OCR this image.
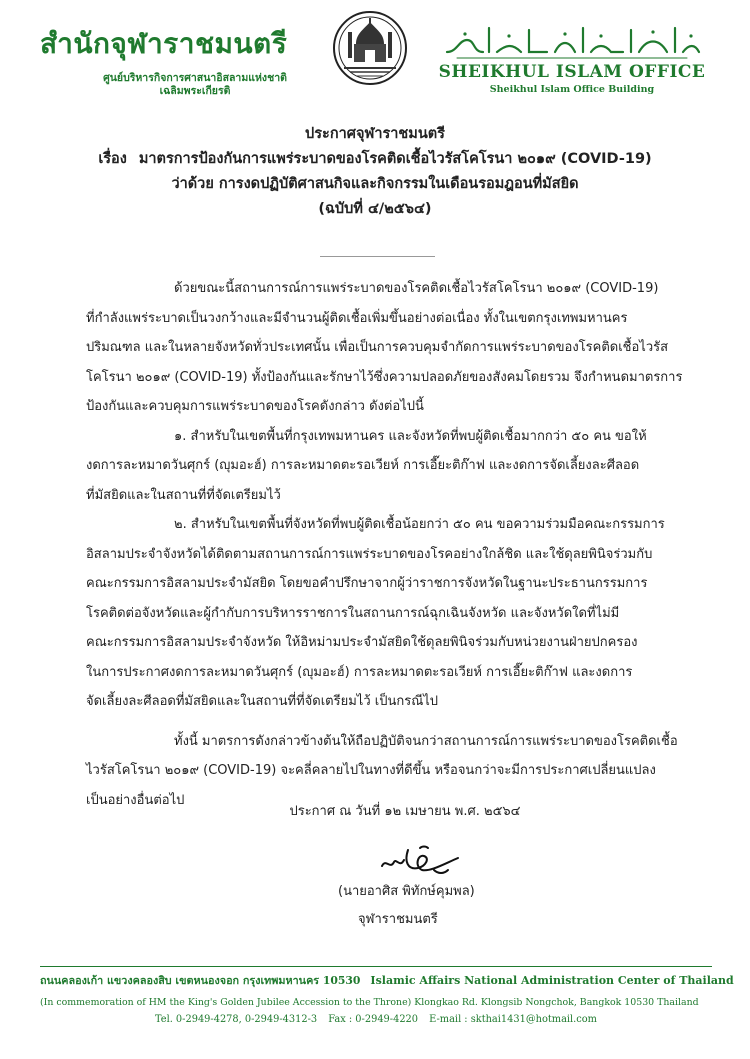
สำนักจุฬาราชมนตรี
ศูนย์บริหารกิจการศาสนาอิสลามแห่งชาติ
เฉลิมพระเกียรติ
SHEIKHUL ISLAM OFFICE
Sheikhul Islam Office Building
ประกาศจุฬาราชมนตรี
เรื่อง มาตรการป้องกันการแพร่ระบาดของโรคติดเชื้อไวรัสโคโรนา ๒๐๑๙ (COVID-19)
ว่าด้วย การงดปฏิบัติศาสนกิจและกิจกรรมในเดือนรอมฎอนที่มัสยิด
(ฉบับที่ ๔/๒๕๖๔)

ด้วยขณะนี้สถานการณ์การแพร่ระบาดของโรคติดเชื้อไวรัสโคโรนา ๒๐๑๙ (COVID-19)
ที่กำลังแพร่ระบาดเป็นวงกว้างและมีจำนวนผู้ติดเชื้อเพิ่มขึ้นอย่างต่อเนื่อง ทั้งในเขตกรุงเทพมหานคร
ปริมณฑล และในหลายจังหวัดทั่วประเทศนั้น เพื่อเป็นการควบคุมจำกัดการแพร่ระบาดของโรคติดเชื้อไวรัส
โคโรนา ๒๐๑๙ (COVID-19) ทั้งป้องกันและรักษาไว้ซึ่งความปลอดภัยของสังคมโดยรวม จึงกำหนดมาตรการ
ป้องกันและควบคุมการแพร่ระบาดของโรคดังกล่าว ดังต่อไปนี้

๑. สำหรับในเขตพื้นที่กรุงเทพมหานคร และจังหวัดที่พบผู้ติดเชื้อมากกว่า ๕๐ คน ขอให้
งดการละหมาดวันศุกร์ (ญุมอะฮ์) การละหมาดตะรอเวียห์ การเอี๊ยะติก๊าฟ และงดการจัดเลี้ยงละศีลอด
ที่มัสยิดและในสถานที่ที่จัดเตรียมไว้

๒. สำหรับในเขตพื้นที่จังหวัดที่พบผู้ติดเชื้อน้อยกว่า ๕๐ คน ขอความร่วมมือคณะกรรมการ
อิสลามประจำจังหวัดได้ติดตามสถานการณ์การแพร่ระบาดของโรคอย่างใกล้ชิด และใช้ดุลยพินิจร่วมกับ
คณะกรรมการอิสลามประจำมัสยิด โดยขอคำปรึกษาจากผู้ว่าราชการจังหวัดในฐานะประธานกรรมการ
โรคติดต่อจังหวัดและผู้กำกับการบริหารราชการในสถานการณ์ฉุกเฉินจังหวัด และจังหวัดใดที่ไม่มี
คณะกรรมการอิสลามประจำจังหวัด ให้อิหม่ามประจำมัสยิดใช้ดุลยพินิจร่วมกับหน่วยงานฝ่ายปกครอง
ในการประกาศงดการละหมาดวันศุกร์ (ญุมอะฮ์) การละหมาดตะรอเวียห์ การเอี๊ยะติก๊าฟ และงดการ
จัดเลี้ยงละศีลอดที่มัสยิดและในสถานที่ที่จัดเตรียมไว้ เป็นกรณีไป

ทั้งนี้ มาตรการดังกล่าวข้างต้นให้ถือปฏิบัติจนกว่าสถานการณ์การแพร่ระบาดของโรคติดเชื้อ
ไวรัสโคโรนา ๒๐๑๙ (COVID-19) จะคลี่คลายไปในทางที่ดีขึ้น หรือจนกว่าจะมีการประกาศเปลี่ยนแปลง
เป็นอย่างอื่นต่อไป

ประกาศ ณ วันที่ ๑๒ เมษายน พ.ศ. ๒๕๖๔
(นายอาศิส พิทักษ์คุมพล)
จุฬาราชมนตรี
ถนนคลองเก้า แขวงคลองสิบ เขตหนองจอก กรุงเทพมหานคร 10530 Islamic Affairs National Administration Center of Thailand
(In commemoration of HM the King's Golden Jubilee Accession to the Throne) Klongkao Rd. Klongsib Nongchok, Bangkok 10530 Thailand
Tel. 0-2949-4278, 0-2949-4312-3 Fax : 0-2949-4220 E-mail : skthai1431@hotmail.com
